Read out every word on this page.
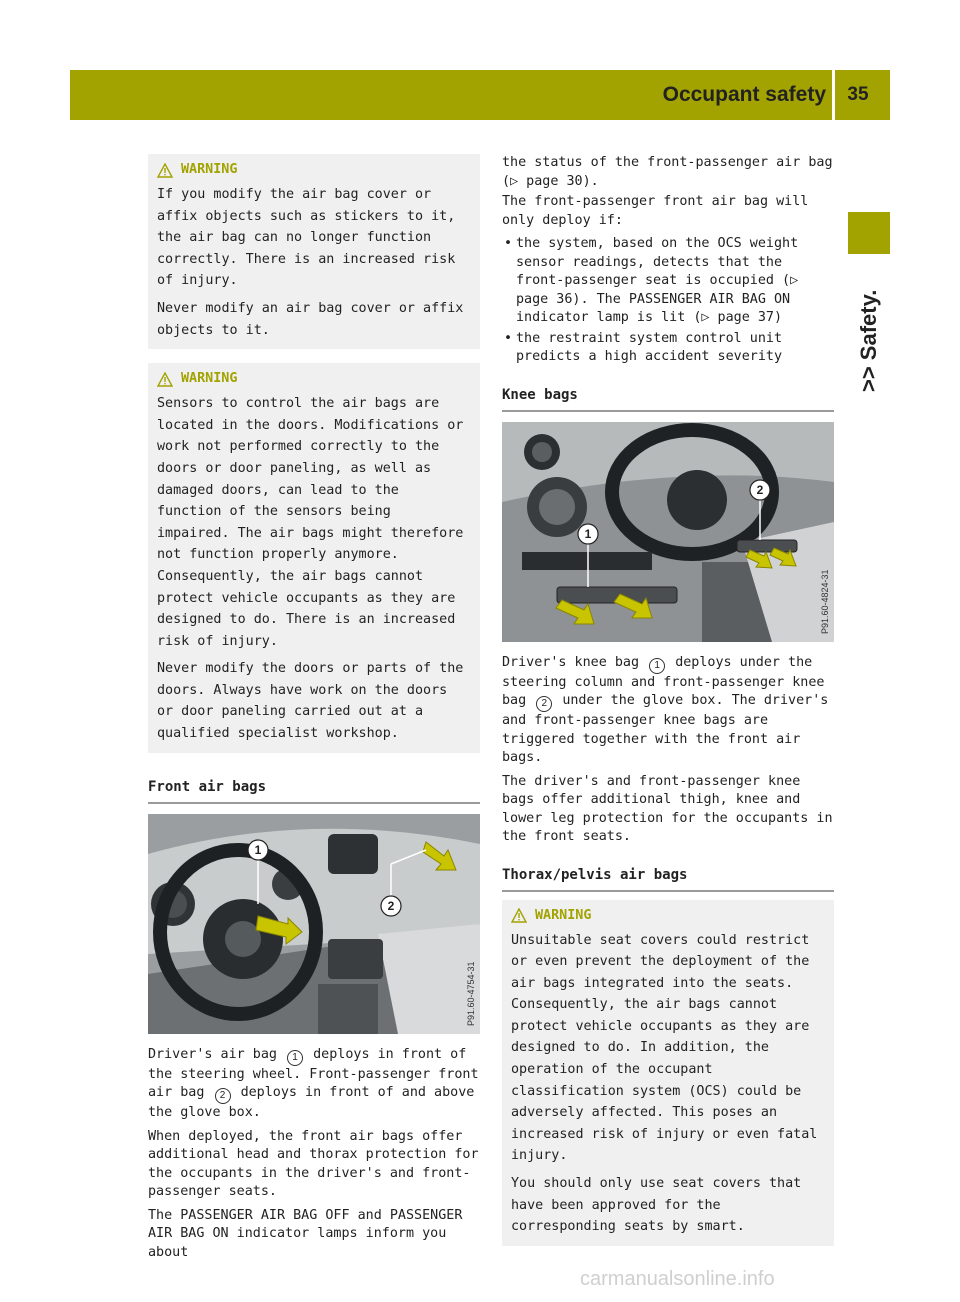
Occupant safety	35
>> Safety.
WARNING

If you modify the air bag cover or affix objects such as stickers to it, the air bag can no longer function correctly. There is an increased risk of injury.

Never modify an air bag cover or affix objects to it.

WARNING

Sensors to control the air bags are located in the doors. Modifications or work not performed correctly to the doors or door paneling, as well as damaged doors, can lead to the function of the sensors being impaired. The air bags might therefore not function properly anymore. Consequently, the air bags cannot protect vehicle occupants as they are designed to do. There is an increased risk of injury.

Never modify the doors or parts of the doors. Always have work on the doors or door paneling carried out at a qualified specialist workshop.

Front air bags
1
2
P91.60-4754-31

Driver's air bag 1 deploys in front of the steering wheel. Front-passenger front air bag 2 deploys in front of and above the glove box.

When deployed, the front air bags offer additional head and thorax protection for the occupants in the driver's and front-passenger seats.

The PASSENGER AIR BAG OFF and PASSENGER AIR BAG ON indicator lamps inform you about

the status of the front-passenger air bag
(▷ page 30).

The front-passenger front air bag will only deploy if:

• the system, based on the OCS weight sensor readings, detects that the front-passenger seat is occupied (▷ page 36). The PASSENGER AIR BAG ON indicator lamp is lit (▷ page 37)
• the restraint system control unit predicts a high accident severity
Knee bags
1
2
P91.60-4824-31

Driver's knee bag 1 deploys under the steering column and front-passenger knee bag 2 under the glove box. The driver's and front-passenger knee bags are triggered together with the front air bags.

The driver's and front-passenger knee bags offer additional thigh, knee and lower leg protection for the occupants in the front seats.

Thorax/pelvis air bags
WARNING

Unsuitable seat covers could restrict or even prevent the deployment of the air bags integrated into the seats. Consequently, the air bags cannot protect vehicle occupants as they are designed to do. In addition, the operation of the occupant classification system (OCS) could be adversely affected. This poses an increased risk of injury or even fatal injury.

You should only use seat covers that have been approved for the corresponding seats by smart.

carmanualsonline.info
